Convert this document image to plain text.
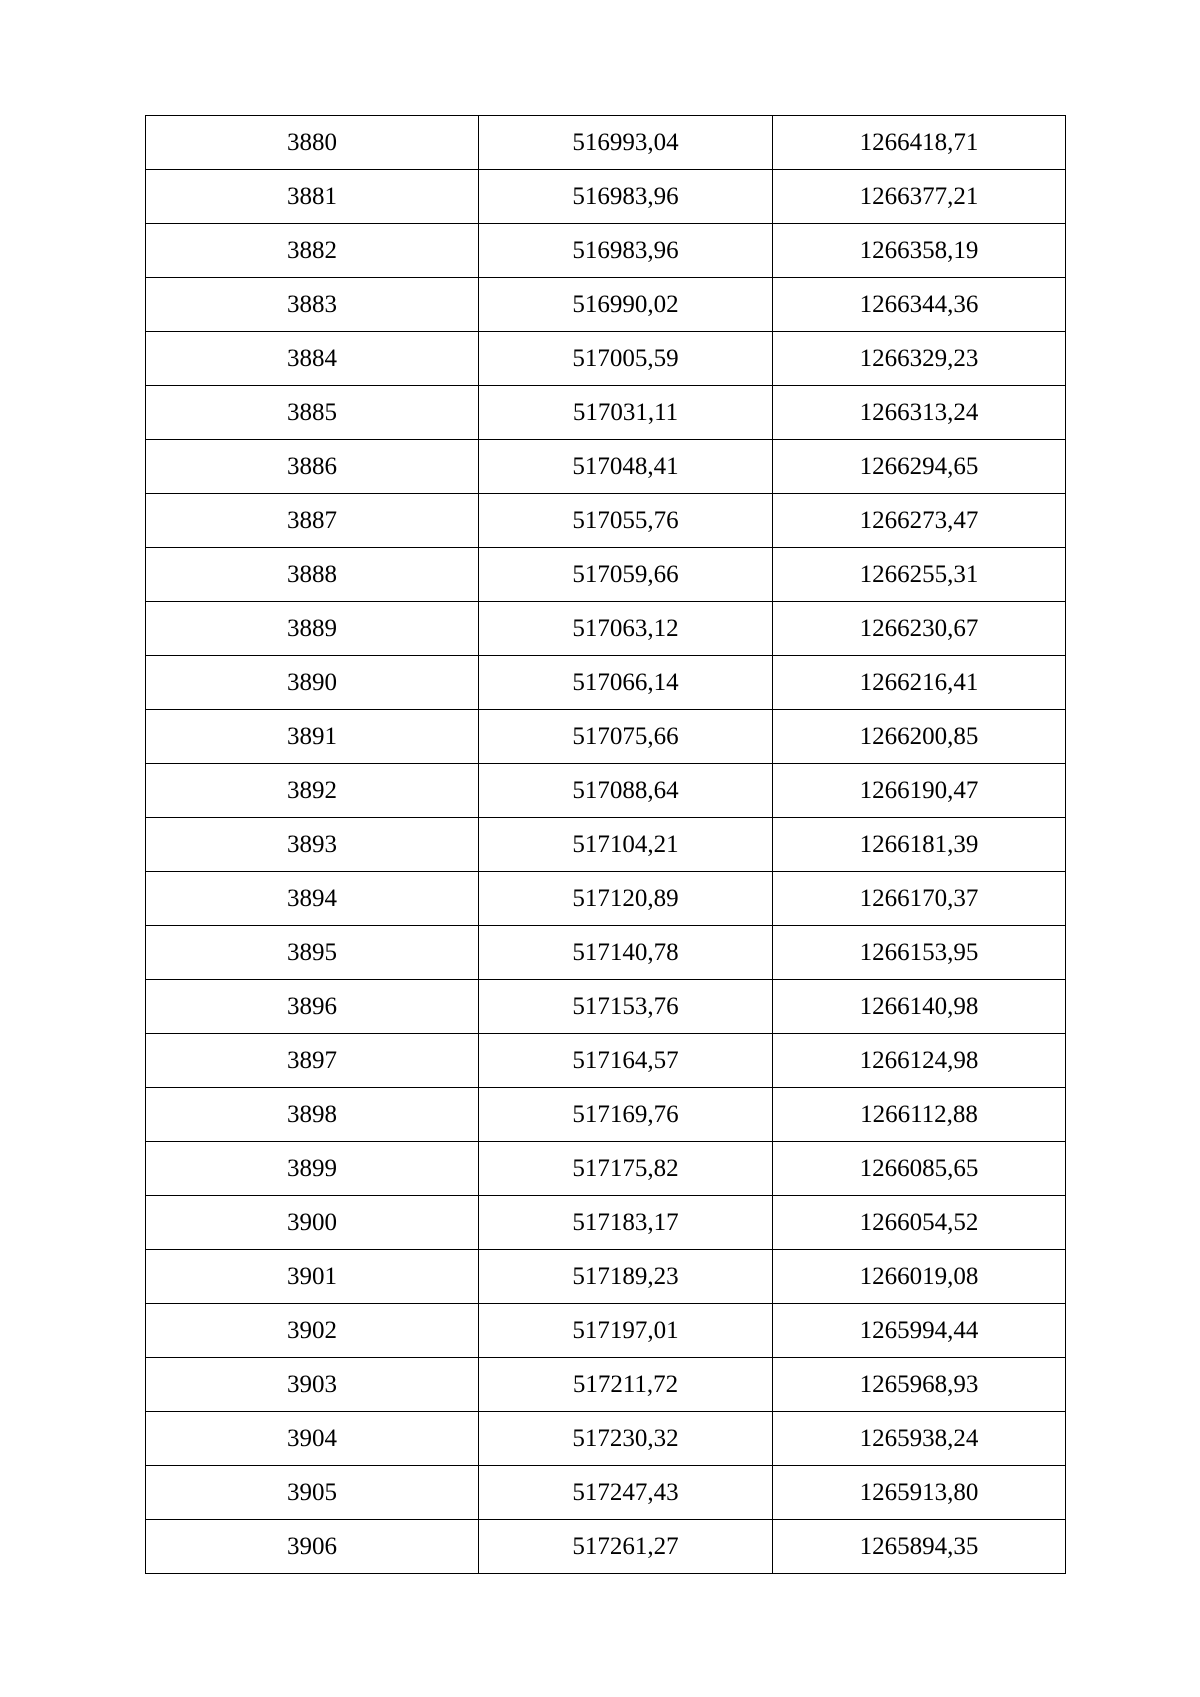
3880	516993,04	1266418,71
3881	516983,96	1266377,21
3882	516983,96	1266358,19
3883	516990,02	1266344,36
3884	517005,59	1266329,23
3885	517031,11	1266313,24
3886	517048,41	1266294,65
3887	517055,76	1266273,47
3888	517059,66	1266255,31
3889	517063,12	1266230,67
3890	517066,14	1266216,41
3891	517075,66	1266200,85
3892	517088,64	1266190,47
3893	517104,21	1266181,39
3894	517120,89	1266170,37
3895	517140,78	1266153,95
3896	517153,76	1266140,98
3897	517164,57	1266124,98
3898	517169,76	1266112,88
3899	517175,82	1266085,65
3900	517183,17	1266054,52
3901	517189,23	1266019,08
3902	517197,01	1265994,44
3903	517211,72	1265968,93
3904	517230,32	1265938,24
3905	517247,43	1265913,80
3906	517261,27	1265894,35
